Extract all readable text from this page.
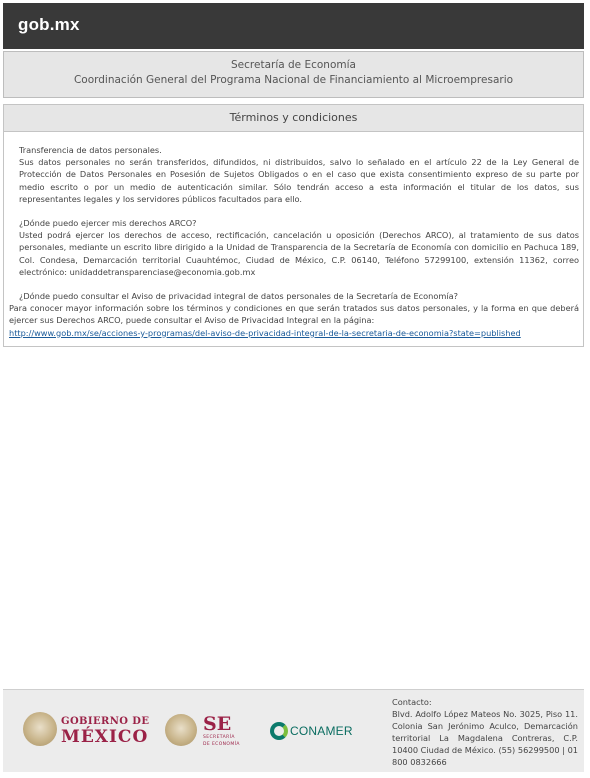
gob.mx
Secretaría de Economía
Coordinación General del Programa Nacional de Financiamiento al Microempresario
Términos y condiciones

Transferencia de datos personales.

Sus datos personales no serán transferidos, difundidos, ni distribuidos, salvo lo señalado en el artículo 22 de la Ley General de Protección de Datos Personales en Posesión de Sujetos Obligados o en el caso que exista consentimiento expreso de su parte por medio escrito o por un medio de autenticación similar. Sólo tendrán acceso a esta información el titular de los datos, sus representantes legales y los servidores públicos facultados para ello.

¿Dónde puedo ejercer mis derechos ARCO?

Usted podrá ejercer los derechos de acceso, rectificación, cancelación u oposición (Derechos ARCO), al tratamiento de sus datos personales, mediante un escrito libre dirigido a la Unidad de Transparencia de la Secretaría de Economía con domicilio en Pachuca 189, Col. Condesa, Demarcación territorial Cuauhtémoc, Ciudad de México, C.P. 06140, Teléfono 57299100, extensión 11362, correo electrónico: unidaddetransparenciase@economia.gob.mx

¿Dónde puedo consultar el Aviso de privacidad integral de datos personales de la Secretaría de Economía?

Para conocer mayor información sobre los términos y condiciones en que serán tratados sus datos personales, y la forma en que deberá ejercer sus Derechos ARCO, puede consultar el Aviso de Privacidad Integral en la página:

http://www.gob.mx/se/acciones-y-programas/del-aviso-de-privacidad-integral-de-la-secretaria-de-economia?state=published

GOBIERNO DE
MÉXICO
SE
SECRETARÍA
DE ECONOMÍA
CONAMER
Contacto:
Blvd. Adolfo López Mateos No. 3025, Piso 11. Colonia San Jerónimo Aculco, Demarcación territorial La Magdalena Contreras, C.P. 10400 Ciudad de México. (55) 56299500 | 01 800 0832666
